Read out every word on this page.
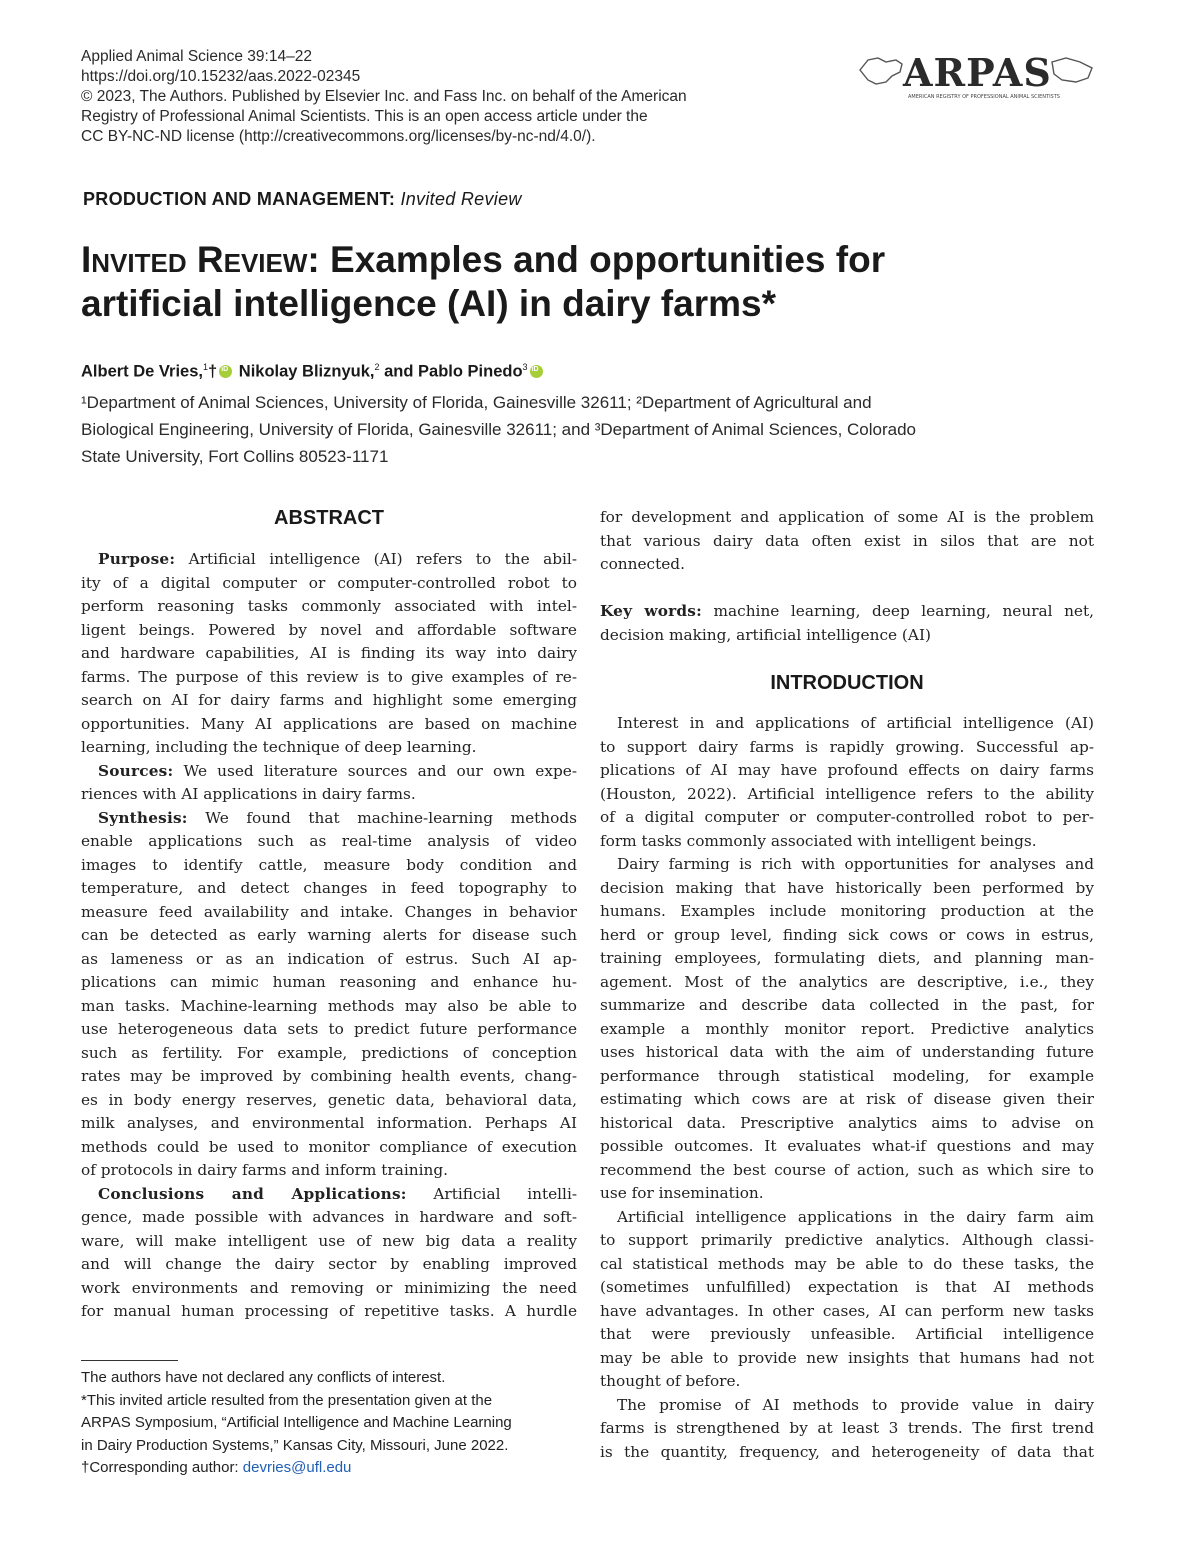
Applied Animal Science 39:14–22
https://doi.org/10.15232/aas.2022-02345
© 2023, The Authors. Published by Elsevier Inc. and Fass Inc. on behalf of the American
Registry of Professional Animal Scientists. This is an open access article under the
CC BY-NC-ND license (http://creativecommons.org/licenses/by-nc-nd/4.0/).
ARPAS
AMERICAN REGISTRY OF PROFESSIONAL ANIMAL SCIENTISTS
PRODUCTION AND MANAGEMENT: Invited Review
Invited Review: Examples and opportunities for
artificial intelligence (AI) in dairy farms*
Albert De Vries,$^1$†iD Nikolay Bliznyuk,$^2$ and Pablo Pinedo$^3$iD
¹Department of Animal Sciences, University of Florida, Gainesville 32611; ²Department of Agricultural and
Biological Engineering, University of Florida, Gainesville 32611; and ³Department of Animal Sciences, Colorado
State University, Fort Collins 80523-1171
ABSTRACT
Purpose: Artificial intelligence (AI) refers to the abil-
ity of a digital computer or computer-controlled robot to
perform reasoning tasks commonly associated with intel-
ligent beings. Powered by novel and affordable software
and hardware capabilities, AI is finding its way into dairy
farms. The purpose of this review is to give examples of re-
search on AI for dairy farms and highlight some emerging
opportunities. Many AI applications are based on machine
learning, including the technique of deep learning.
Sources: We used literature sources and our own expe-
riences with AI applications in dairy farms.
Synthesis: We found that machine-learning methods
enable applications such as real-time analysis of video
images to identify cattle, measure body condition and
temperature, and detect changes in feed topography to
measure feed availability and intake. Changes in behavior
can be detected as early warning alerts for disease such
as lameness or as an indication of estrus. Such AI ap-
plications can mimic human reasoning and enhance hu-
man tasks. Machine-learning methods may also be able to
use heterogeneous data sets to predict future performance
such as fertility. For example, predictions of conception
rates may be improved by combining health events, chang-
es in body energy reserves, genetic data, behavioral data,
milk analyses, and environmental information. Perhaps AI
methods could be used to monitor compliance of execution
of protocols in dairy farms and inform training.
Conclusions and Applications: Artificial intelli-
gence, made possible with advances in hardware and soft-
ware, will make intelligent use of new big data a reality
and will change the dairy sector by enabling improved
work environments and removing or minimizing the need
for manual human processing of repetitive tasks. A hurdle
for development and application of some AI is the problem
that various dairy data often exist in silos that are not
connected.
Key words: machine learning, deep learning, neural net,
decision making, artificial intelligence (AI)
INTRODUCTION
Interest in and applications of artificial intelligence (AI)
to support dairy farms is rapidly growing. Successful ap-
plications of AI may have profound effects on dairy farms
(Houston, 2022). Artificial intelligence refers to the ability
of a digital computer or computer-controlled robot to per-
form tasks commonly associated with intelligent beings.
Dairy farming is rich with opportunities for analyses and
decision making that have historically been performed by
humans. Examples include monitoring production at the
herd or group level, finding sick cows or cows in estrus,
training employees, formulating diets, and planning man-
agement. Most of the analytics are descriptive, i.e., they
summarize and describe data collected in the past, for
example a monthly monitor report. Predictive analytics
uses historical data with the aim of understanding future
performance through statistical modeling, for example
estimating which cows are at risk of disease given their
historical data. Prescriptive analytics aims to advise on
possible outcomes. It evaluates what-if questions and may
recommend the best course of action, such as which sire to
use for insemination.
Artificial intelligence applications in the dairy farm aim
to support primarily predictive analytics. Although classi-
cal statistical methods may be able to do these tasks, the
(sometimes unfulfilled) expectation is that AI methods
have advantages. In other cases, AI can perform new tasks
that were previously unfeasible. Artificial intelligence
may be able to provide new insights that humans had not
thought of before.
The promise of AI methods to provide value in dairy
farms is strengthened by at least 3 trends. The first trend
is the quantity, frequency, and heterogeneity of data that
The authors have not declared any conflicts of interest.
*This invited article resulted from the presentation given at the
ARPAS Symposium, “Artificial Intelligence and Machine Learning
in Dairy Production Systems,” Kansas City, Missouri, June 2022.
†Corresponding author: devries@ufl.edu
